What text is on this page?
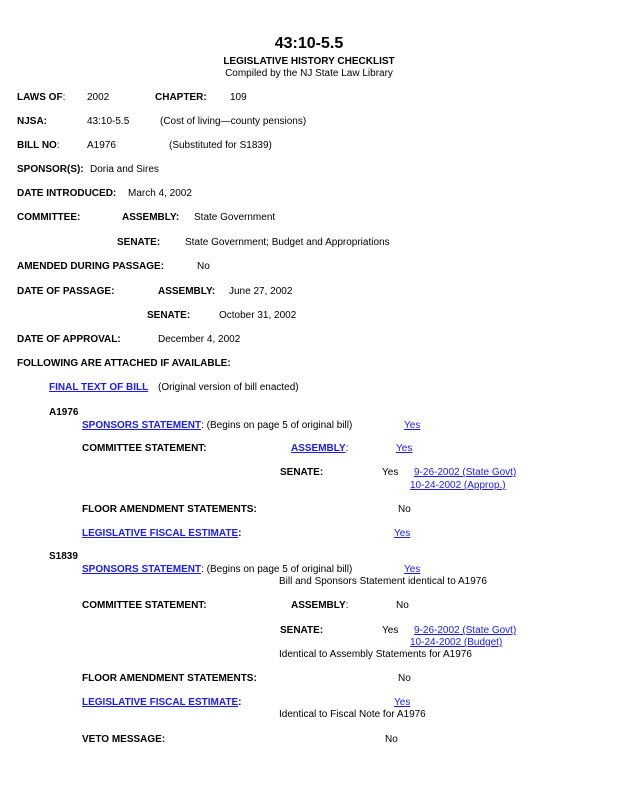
43:10-5.5
LEGISLATIVE HISTORY CHECKLIST
Compiled by the NJ State Law Library
LAWS OF: 2002	CHAPTER: 109
NJSA:	43:10-5.5	(Cost of living—county pensions)
BILL NO:	A1976	(Substituted for S1839)
SPONSOR(S): Doria and Sires
DATE INTRODUCED: March 4, 2002
COMMITTEE:	ASSEMBLY: State Government
SENATE: State Government; Budget and Appropriations
AMENDED DURING PASSAGE:	No
DATE OF PASSAGE:	ASSEMBLY: June 27, 2002
SENATE:	October 31, 2002
DATE OF APPROVAL:	December 4, 2002
FOLLOWING ARE ATTACHED IF AVAILABLE:
FINAL TEXT OF BILL (Original version of bill enacted)
A1976
SPONSORS STATEMENT: (Begins on page 5 of original bill)	Yes
COMMITTEE STATEMENT:	ASSEMBLY:	Yes
SENATE:	Yes 9-26-2002 (State Govt)
10-24-2002 (Approp.)
FLOOR AMENDMENT STATEMENTS:	No
LEGISLATIVE FISCAL ESTIMATE:	Yes
S1839
SPONSORS STATEMENT: (Begins on page 5 of original bill)	Yes
Bill and Sponsors Statement identical to A1976
COMMITTEE STATEMENT:	ASSEMBLY:	No
SENATE:	Yes 9-26-2002 (State Govt)
10-24-2002 (Budget)
Identical to Assembly Statements for A1976
FLOOR AMENDMENT STATEMENTS:	No
LEGISLATIVE FISCAL ESTIMATE:	Yes
Identical to Fiscal Note for A1976
VETO MESSAGE:	No
